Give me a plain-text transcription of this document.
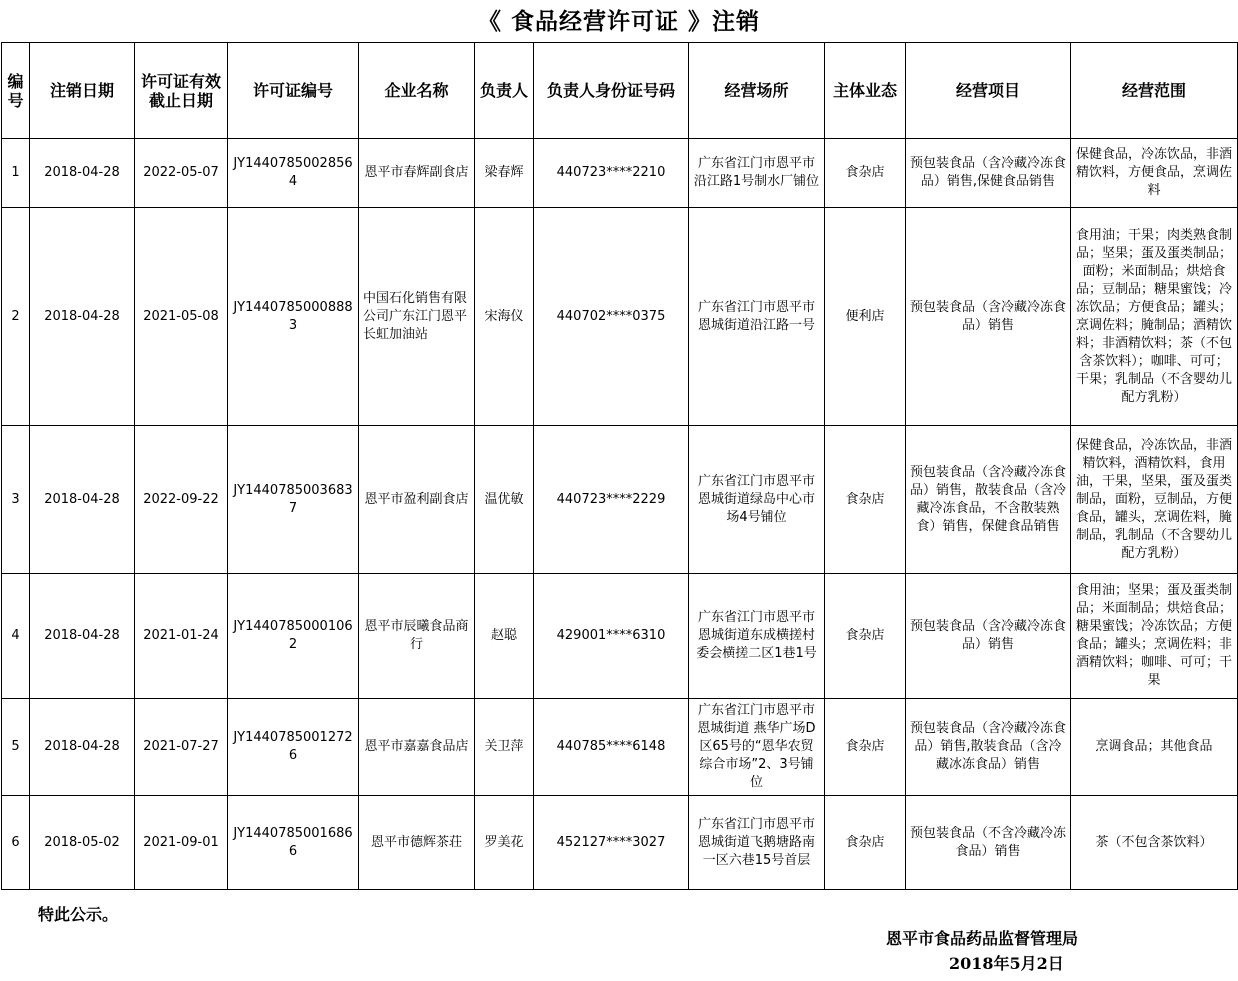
《 食品经营许可证 》注销
编号	注销日期	许可证有效截止日期	许可证编号	企业名称	负责人	负责人身份证号码	经营场所	主体业态	经营项目	经营范围
1	2018-04-28	2022-05-07	JY14407850028564	恩平市春辉副食店	梁春辉	440723****2210	广东省江门市恩平市沿江路1号制水厂铺位	食杂店	预包装食品（含冷藏冷冻食品）销售,保健食品销售	保健食品，冷冻饮品，非酒精饮料，方便食品，烹调佐料
2	2018-04-28	2021-05-08	JY14407850008883	中国石化销售有限公司广东江门恩平长虹加油站	宋海仪	440702****0375	广东省江门市恩平市恩城街道沿江路一号	便利店	预包装食品（含冷藏冷冻食品）销售	食用油；干果；肉类熟食制品；坚果；蛋及蛋类制品；面粉；米面制品；烘焙食品；豆制品；糖果蜜饯；冷冻饮品；方便食品；罐头；烹调佐料；腌制品；酒精饮料；非酒精饮料；茶（不包含茶饮料）；咖啡、可可；干果；乳制品（不含婴幼儿配方乳粉）
3	2018-04-28	2022-09-22	JY14407850036837	恩平市盈利副食店	温优敏	440723****2229	广东省江门市恩平市恩城街道绿岛中心市场4号铺位	食杂店	预包装食品（含冷藏冷冻食品）销售，散装食品（含冷藏冷冻食品，不含散装熟食）销售，保健食品销售	保健食品，冷冻饮品，非酒精饮料，酒精饮料，食用油，干果，坚果，蛋及蛋类制品，面粉，豆制品，方便食品，罐头，烹调佐料，腌制品，乳制品（不含婴幼儿配方乳粉）
4	2018-04-28	2021-01-24	JY14407850001062	恩平市辰曦食品商行	赵聪	429001****6310	广东省江门市恩平市恩城街道东成横搓村委会横搓二区1巷1号	食杂店	预包装食品（含冷藏冷冻食品）销售	食用油；坚果；蛋及蛋类制品；米面制品；烘焙食品；糖果蜜饯；冷冻饮品；方便食品；罐头；烹调佐料；非酒精饮料；咖啡、可可；干果
5	2018-04-28	2021-07-27	JY14407850012726	恩平市嘉嘉食品店	关卫萍	440785****6148	广东省江门市恩平市恩城街道 燕华广场D区65号的“恩华农贸综合市场”2、3号铺位	食杂店	预包装食品（含冷藏冷冻食品）销售,散装食品（含冷藏冰冻食品）销售	烹调食品；其他食品
6	2018-05-02	2021-09-01	JY14407850016866	恩平市德辉茶荘	罗美花	452127****3027	广东省江门市恩平市恩城街道飞鹅塘路南一区六巷15号首层	食杂店	预包装食品（不含冷藏冷冻食品）销售	茶（不包含茶饮料）
特此公示。
恩平市食品药品监督管理局
2018年5月2日
